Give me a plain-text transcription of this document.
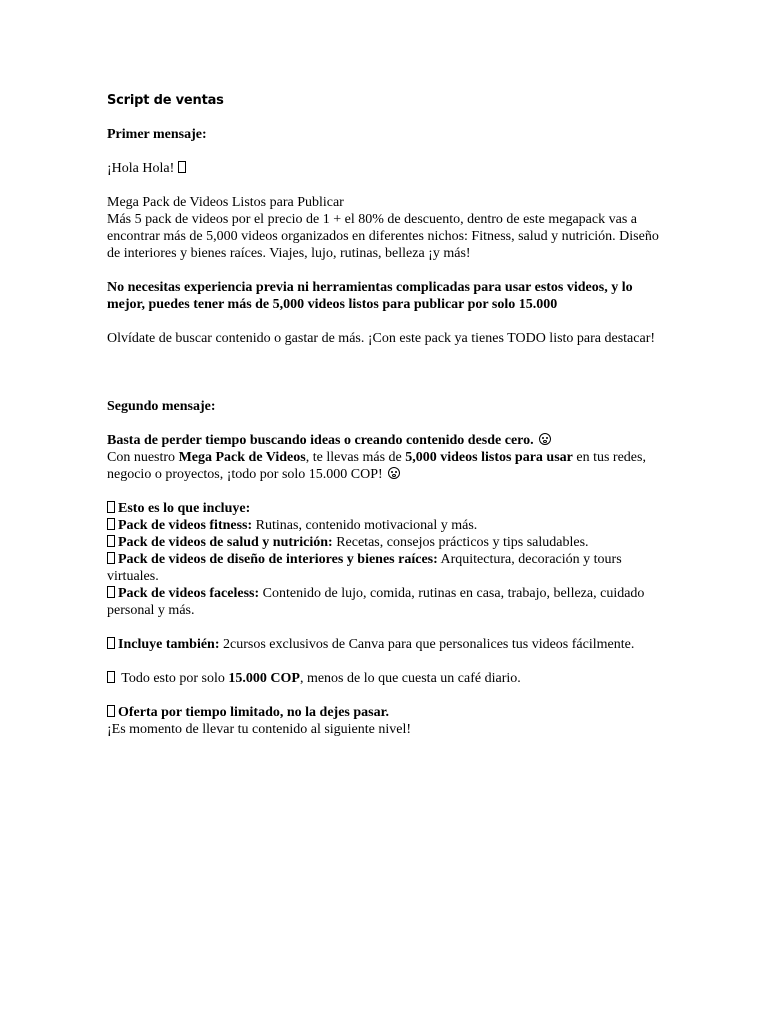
Script de ventas
Primer mensaje:

¡Hola Hola!

Mega Pack de Videos Listos para Publicar
Más 5 pack de videos por el precio de 1 + el 80% de descuento, dentro de este megapack vas a encontrar más de 5,000 videos organizados en diferentes nichos: Fitness, salud y nutrición. Diseño de interiores y bienes raíces. Viajes, lujo, rutinas, belleza ¡y más!

No necesitas experiencia previa ni herramientas complicadas para usar estos videos, y lo mejor, puedes tener más de 5,000 videos listos para publicar por solo 15.000

Olvídate de buscar contenido o gastar de más. ¡Con este pack ya tienes TODO listo para destacar!

Segundo mensaje:

Basta de perder tiempo buscando ideas o creando contenido desde cero.
Con nuestro Mega Pack de Videos, te llevas más de 5,000 videos listos para usar en tus redes, negocio o proyectos, ¡todo por solo 15.000 COP!

Esto es lo que incluye:
Pack de videos fitness: Rutinas, contenido motivacional y más.
Pack de videos de salud y nutrición: Recetas, consejos prácticos y tips saludables.
Pack de videos de diseño de interiores y bienes raíces: Arquitectura, decoración y tours virtuales.
Pack de videos faceless: Contenido de lujo, comida, rutinas en casa, trabajo, belleza, cuidado personal y más.

Incluye también: 2cursos exclusivos de Canva para que personalices tus videos fácilmente.

Todo esto por solo 15.000 COP, menos de lo que cuesta un café diario.

Oferta por tiempo limitado, no la dejes pasar.
¡Es momento de llevar tu contenido al siguiente nivel!
